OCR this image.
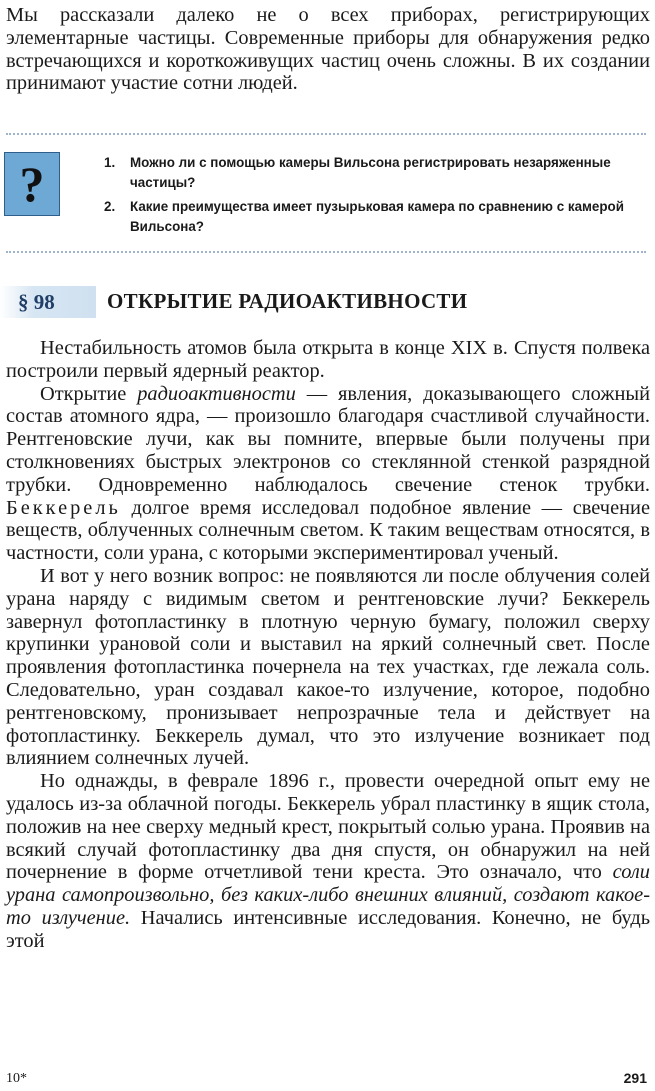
Мы рассказали далеко не о всех приборах, регистрирующих элементарные частицы. Современные приборы для обнаружения редко встречающихся и короткоживущих частиц очень сложны. В их создании принимают участие сотни людей.

?	1. Можно ли с помощью камеры Вильсона регистрировать незаряженные частицы?
2. Какие преимущества имеет пузырьковая камера по сравнению с камерой Вильсона?
§ 98 ОТКРЫТИЕ РАДИОАКТИВНОСТИ

Нестабильность атомов была открыта в конце XIX в. Спустя полвека построили первый ядерный реактор.

Открытие радиоактивности — явления, доказывающего сложный состав атомного ядра, — произошло благодаря счастливой случайности. Рентгеновские лучи, как вы помните, впервые были получены при столкновениях быстрых электронов со стеклянной стенкой разрядной трубки. Одновременно наблюдалось свечение стенок трубки. Беккерель долгое время исследовал подобное явление — свечение веществ, облученных солнечным светом. К таким веществам относятся, в частности, соли урана, с которыми экспериментировал ученый.

И вот у него возник вопрос: не появляются ли после облучения солей урана наряду с видимым светом и рентгеновские лучи? Беккерель завернул фотопластинку в плотную черную бумагу, положил сверху крупинки урановой соли и выставил на яркий солнечный свет. После проявления фотопластинка почернела на тех участках, где лежала соль. Следовательно, уран создавал какое-то излучение, которое, подобно рентгеновскому, пронизывает непрозрачные тела и действует на фотопластинку. Беккерель думал, что это излучение возникает под влиянием солнечных лучей.

Но однажды, в феврале 1896 г., провести очередной опыт ему не удалось из-за облачной погоды. Беккерель убрал пластинку в ящик стола, положив на нее сверху медный крест, покрытый солью урана. Проявив на всякий случай фотопластинку два дня спустя, он обнаружил на ней почернение в форме отчетливой тени креста. Это означало, что соли урана самопроизвольно, без каких-либо внешних влияний, создают какое-то излучение. Начались интенсивные исследования. Конечно, не будь этой

10*	291
